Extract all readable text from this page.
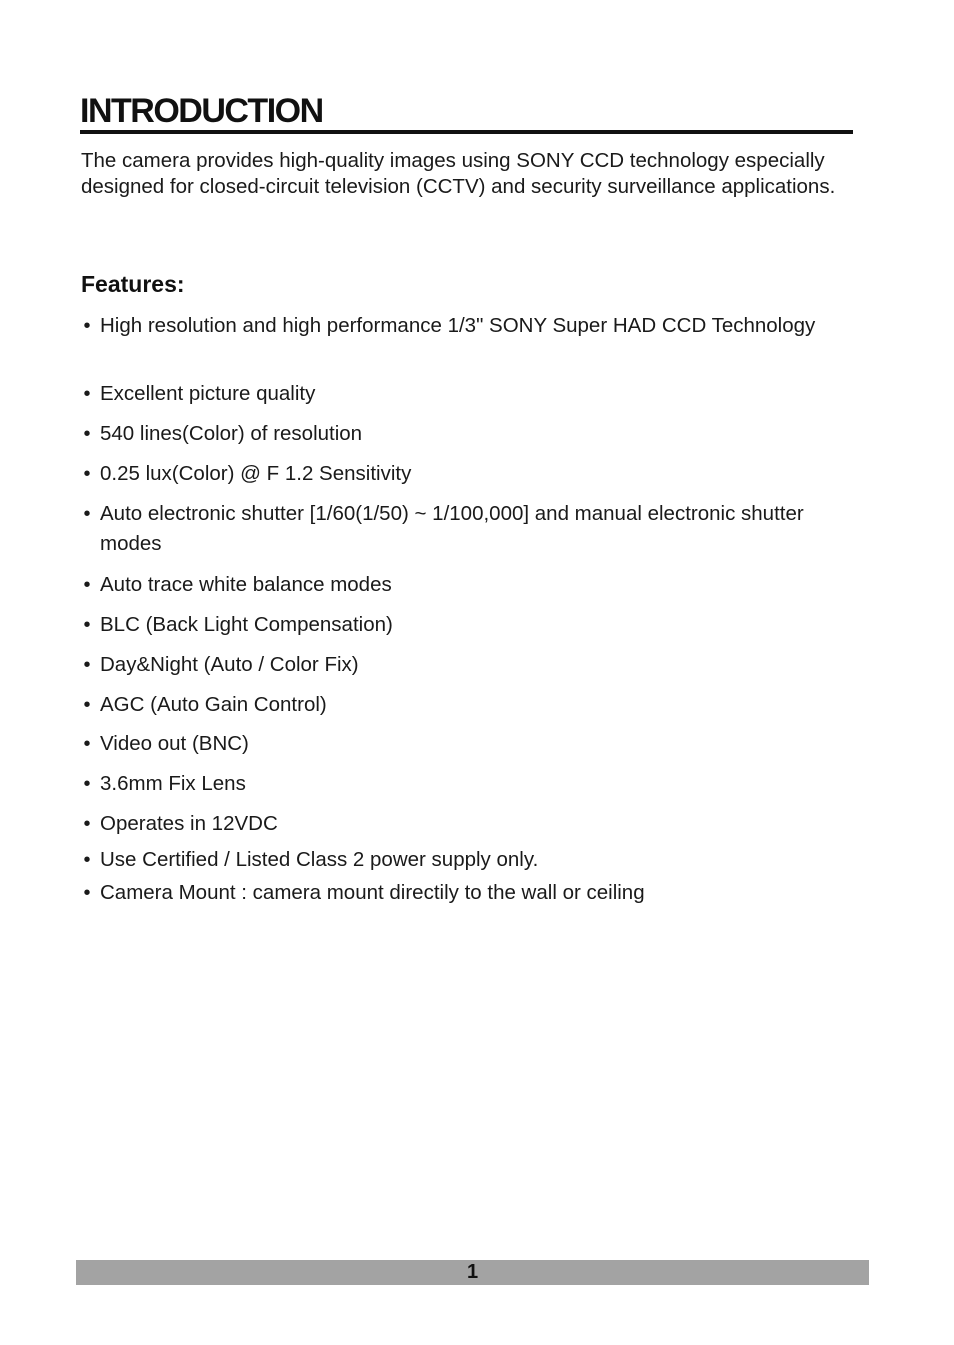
INTRODUCTION

The camera provides high-quality images using SONY CCD technology especially designed for closed-circuit television (CCTV) and security surveillance applications.

Features:
• High resolution and high performance 1/3" SONY Super HAD CCD Technology
• Excellent picture quality
• 540 lines(Color) of resolution
• 0.25 lux(Color) @ F 1.2 Sensitivity
• Auto electronic shutter [1/60(1/50) ~ 1/100,000] and manual electronic shutter modes
• Auto trace white balance modes
• BLC (Back Light Compensation)
• Day&Night (Auto / Color Fix)
• AGC (Auto Gain Control)
• Video out (BNC)
• 3.6mm Fix Lens
• Operates in 12VDC
• Use Certified / Listed Class 2 power supply only.
• Camera Mount : camera mount directily to the wall or ceiling
1
